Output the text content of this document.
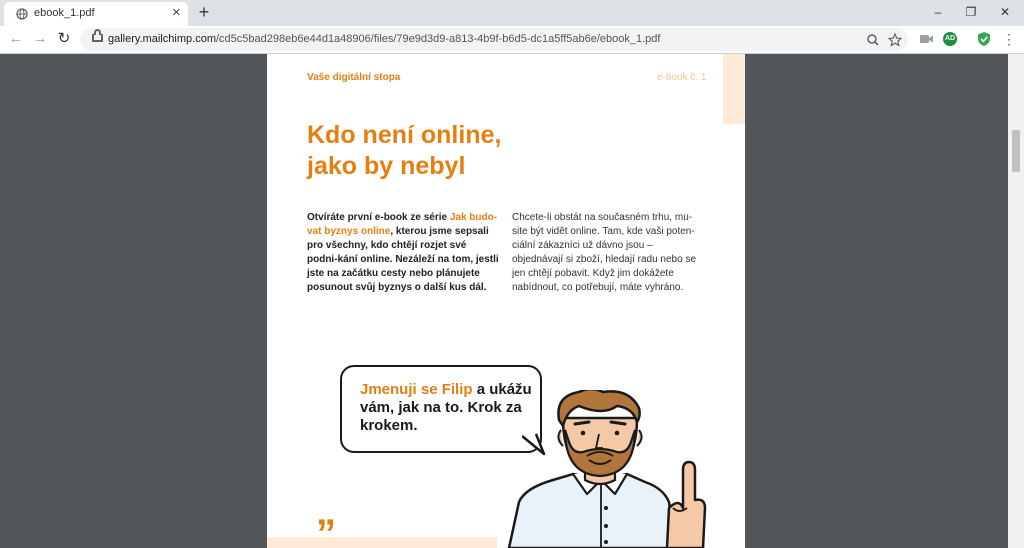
ebook_1.pdf	× +	–	❐	✕
← → ↻	gallery.mailchimp.com/cd5c5bad298eb6e44d1a48906/files/79e9d3d9-a813-4b9f-b6d5-dc1a5ff5ab6e/ebook_1.pdf	AD	⋮
Vaše digitální stopa	e-book č. 1
Kdo není online,
jako by nebyl
Otvíráte první e-book ze série Jak budo-vat byznys online, kterou jsme sepsali pro všechny, kdo chtějí rozjet své podni-kání online. Nezáleží na tom, jestli jste na začátku cesty nebo plánujete posunout svůj byznys o další kus dál.
Chcete-li obstát na současném trhu, mu-site být vidět online. Tam, kde vaši poten-ciální zákazníci už dávno jsou – objednávají si zboží, hledají radu nebo se jen chtějí pobavit. Když jim dokážete nabídnout, co potřebují, máte vyhráno.
Jmenuji se Filip a ukážu vám, jak na to. Krok za krokem.
”
